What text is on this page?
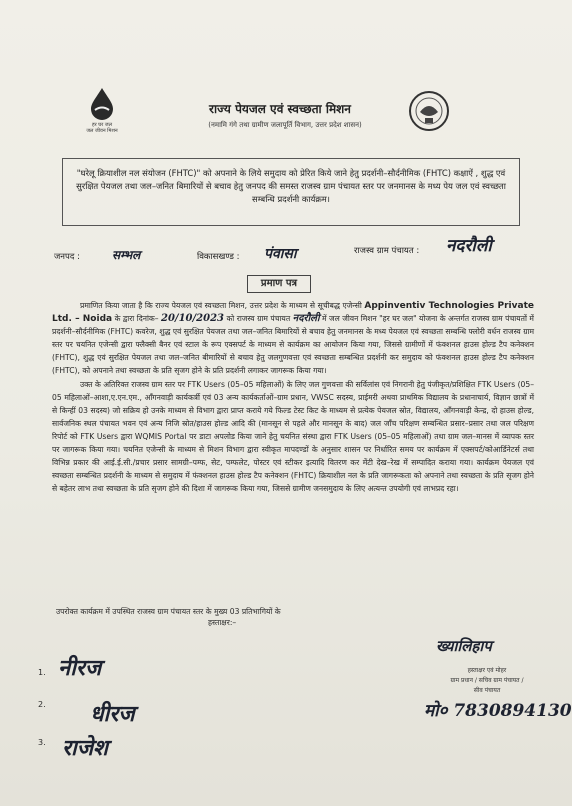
हर घर जल
जल जीवन मिशन
राज्य पेयजल एवं स्वच्छता मिशन
(नमामि गंगे तथा ग्रामीण जलापूर्ति विभाग, उत्तर प्रदेश शासन)
"घरेलू क्रियाशील नल संयोजन (FHTC)" को अपनाने के लिये समुदाय को प्रेरित किये जाने हेतु प्रदर्शनी–सौर्दनीमिक (FHTC) कक्षाऐं , शुद्ध एवं सुरक्षित पेयजल तथा जल–जनित बिमारियों से बचाव हेतु जनपद की समस्त राजस्व ग्राम पंचायत स्तर पर जनमानस के मध्य पेय जल एवं स्वच्छता सम्बन्धि प्रदर्शनी कार्यक्रम।
जनपद :	सम्भल	विकासखण्ड : पंवासा	राजस्व ग्राम पंचायत : नदरौली
प्रमाण पत्र

प्रमाणित किया जाता है कि राज्य पेयजल एवं स्वच्छता मिशन, उत्तर प्रदेश के माध्यम से सूचीबद्ध एजेन्सी Appinventiv Technologies Private Ltd. – Noida के द्वारा दिनांक– 20/10/2023 को राजस्व ग्राम पंचायत नदरौली में जल जीवन मिशन "हर घर जल" योजना के अन्तर्गत राजस्व ग्राम पंचायतों में प्रदर्शनी–सौर्दनीमिक (FHTC) कवरेज, शुद्ध एवं सुरक्षित पेयजल तथा जल–जनित बिमारियों से बचाव हेतु जनमानस के मध्य पेयजल एवं स्वच्छता सम्बन्धि फ्लोरी वर्धन राजस्व ग्राम स्तर पर चयनित एजेन्सी द्वारा फ्लैक्सी बैनर एवं स्टाल के रूप एक्सपर्ट के माध्यम से कार्यक्रम का आयोजन किया गया, जिससे ग्रामीणों में फंक्शनल हाउस होल्ड टैप कनेक्शन (FHTC), शुद्ध एवं सुरक्षित पेयजल तथा जल–जनित बीमारियों से बचाव हेतु जलगुणवत्ता एवं स्वच्छता सम्बन्धित प्रदर्शनी कर समुदाय को फंक्शनल हाउस होल्ड टैप कनेक्शन (FHTC), को अपनाने तथा स्वच्छता के प्रति सृजग होने के प्रति प्रदर्शनी लगाकर जागरूक किया गया।

उक्त के अतिरिक्त राजस्व ग्राम स्तर पर FTK Users (05–05 महिलाओं) के लिए जल गुणवत्ता की सर्विलांस एवं निगरानी हेतु पंजीकृत/प्रशिक्षित FTK Users (05–05 महिलाओं–आशा,ए.एन.एम., आँगनवाड़ी कार्यकर्त्री एवं 03 अन्य कार्यकर्ताओं–ग्राम प्रधान, VWSC सदस्य, प्राईमरी अथवा प्राथमिक विद्यालय के प्रधानाचार्य, विज्ञान छात्रों में से किन्हीं 03 सदस्य) जो सक्रिय हो उनके माध्यम से विभाग द्वारा प्राप्त कराये गये फिल्ड टेस्ट किट के माध्यम से प्रत्येक पेयजल स्रोत, विद्यालय, आँगनवाड़ी केन्द्र, दो हाउस होल्ड, सार्वजनिक स्थल पंचायत भवन एवं अन्य निजि स्रोत/हाउस होल्ड आदि की (मानसून से पहले और मानसून के बाद) जल जाँच परिक्षण सम्बन्धित प्रसार–प्रसार तथा जल परिक्षण रिपोर्ट को FTK Users द्वारा WQMIS Portal पर डाटा अपलोड किया जाने हेतु चयनित संस्था द्वारा FTK Users (05–05 महिलाओं) तथा ग्राम जल–मानस में व्यापक स्तर पर जागरूक किया गया। चयनित एजेन्सी के माध्यम से मिशन विभाग द्वारा स्वीकृत मापदण्डों के अनुसार शासन पर निर्धारित समय पर कार्यक्रम में एक्सपर्ट/कोआर्डिनेटर्स तथा विभिन्न प्रकार की आई.ई.सी./प्रचार प्रसार सामग्री–पम्फ, सेट, पम्फलेट, पोस्टर एवं स्टीकर इत्यादि वितरण कर मेंटी देख–रेख में सम्पादित कराया गया। कार्यक्रम पेयजल एवं स्वच्छता सम्बन्धित प्रदर्शनी के माध्यम से समुदाय में फंक्शनल हाउस होल्ड टैप कनेक्शन (FHTC) क्रियाशील नल के प्रति जागरूकता को अपनाने तथा स्वच्छता के प्रति सृजग होने से बहेतर लाभ तथा स्वच्छता के प्रति सृजग होने की दिशा में जागरूक किया गया, जिससे ग्रामीण जनसमुदाय के लिए अत्यन्त उपयोगी एवं लाभप्रद रहा।

उपरोक्त कार्यक्रम में उपस्थित राजस्व ग्राम पंचायत स्तर के मुख्य 03 प्रतिभागियों के
हस्ताक्षर:–
1. नीरज
2. धीरज
3. राजेश
ख्यालिहाप
हस्ताक्षर एवं मोहर
ग्राम प्रधान / सचिव ग्राम पंचायत /
सीव पंचायत
मो० 7830894130
